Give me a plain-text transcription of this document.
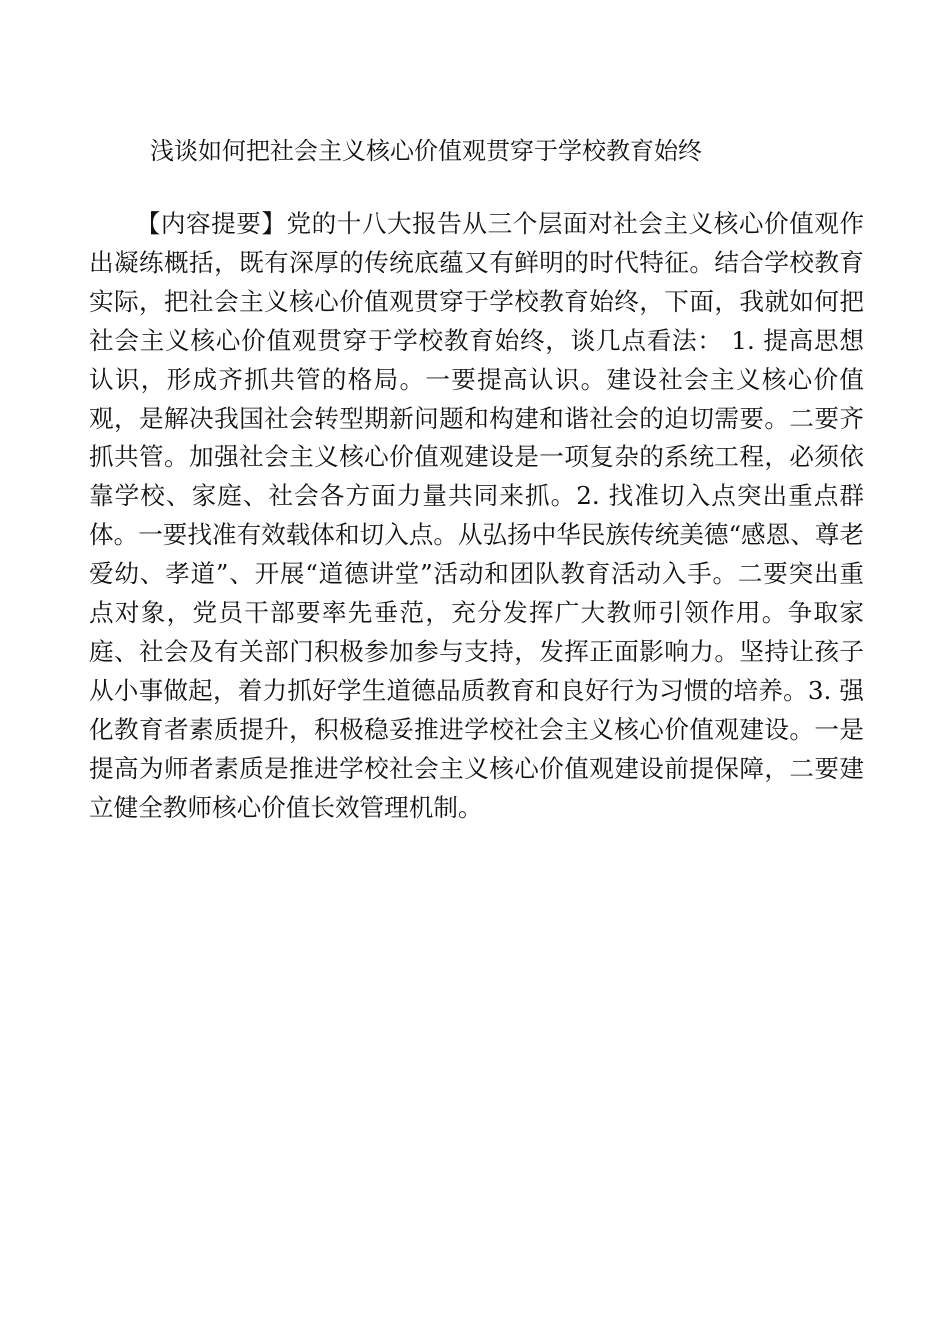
浅谈如何把社会主义核心价值观贯穿于学校教育始终

【内容提要】党的十八大报告从三个层面对社会主义核心价值观作出凝练概括，既有深厚的传统底蕴又有鲜明的时代特征。结合学校教育实际，把社会主义核心价值观贯穿于学校教育始终，下面，我就如何把社会主义核心价值观贯穿于学校教育始终，谈几点看法： 1. 提高思想认识，形成齐抓共管的格局。一要提高认识。建设社会主义核心价值观，是解决我国社会转型期新问题和构建和谐社会的迫切需要。二要齐抓共管。加强社会主义核心价值观建设是一项复杂的系统工程，必须依靠学校、家庭、社会各方面力量共同来抓。2. 找准切入点突出重点群体。一要找准有效载体和切入点。从弘扬中华民族传统美德“感恩、尊老爱幼、孝道”、开展“道德讲堂”活动和团队教育活动入手。二要突出重点对象，党员干部要率先垂范，充分发挥广大教师引领作用。争取家庭、社会及有关部门积极参加参与支持，发挥正面影响力。坚持让孩子从小事做起，着力抓好学生道德品质教育和良好行为习惯的培养。3. 强化教育者素质提升，积极稳妥推进学校社会主义核心价值观建设。一是提高为师者素质是推进学校社会主义核心价值观建设前提保障，二要建立健全教师核心价值长效管理机制。
